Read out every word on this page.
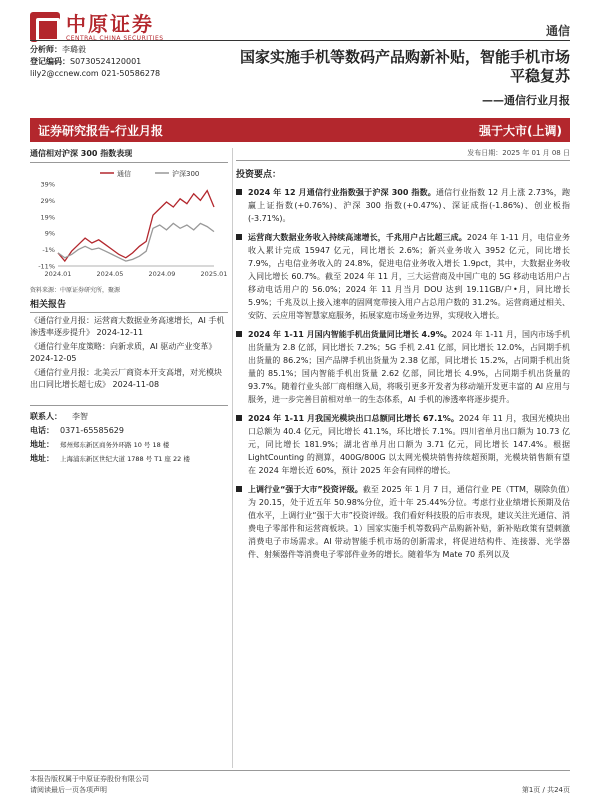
中原证券
CENTRAL CHINA SECURITIES	通信
分析师：李璐毅
登记编码：S0730524120001
lily2@ccnew.com 021-50586278
国家实施手机等数码产品购新补贴，智能手机市场平稳复苏
——通信行业月报
证券研究报告-行业月报	强于大市(上调)
通信相对沪深 300 指数表现
通信	沪深300
39%
29%
19%
9%
-1%
-11%
2024.01	2024.05	2024.09	2025.01
资料来源：中原证券研究所，聚源
相关报告
《通信行业月报：运营商大数据业务高速增长，AI 手机渗透率逐步提升》 2024-12-11
《通信行业年度策略：向新求质，AI 驱动产业变革》 2024-12-05
《通信行业月报：北美云厂商资本开支高增，对光模块出口同比增长超七成》 2024-11-08
联系人：	李智
电话： 0371-65585629
地址： 郑州郑东新区商务外环路 10 号 18 楼
地址： 上海浦东新区世纪大道 1788 号 T1 座 22 楼
发布日期：2025 年 01 月 08 日
投资要点：
2024 年 12 月通信行业指数强于沪深 300 指数。通信行业指数 12 月上涨 2.73%，跑赢上证指数(+0.76%)、沪深 300 指数(+0.47%)、深证成指(-1.86%)、创业板指(-3.71%)。
运营商大数据业务收入持续高速增长，千兆用户占比超三成。2024 年 1-11 月，电信业务收入累计完成 15947 亿元，同比增长 2.6%；新兴业务收入 3952 亿元，同比增长 7.9%，占电信业务收入的 24.8%，促进电信业务收入增长 1.9pct，其中，大数据业务收入同比增长 60.7%。截至 2024 年 11 月，三大运营商及中国广电的 5G 移动电话用户占移动电话用户的 56.0%；2024 年 11 月当月 DOU 达到 19.11GB/户•月，同比增长 5.9%；千兆及以上接入速率的固网宽带接入用户占总用户数的 31.2%。运营商通过相关、安防、云应用等智慧家庭服务，拓展家庭市场业务边界，实现收入增长。
2024 年 1-11 月国内智能手机出货量同比增长 4.9%。2024 年 1-11 月，国内市场手机出货量为 2.8 亿部，同比增长 7.2%；5G 手机 2.41 亿部，同比增长 12.0%，占同期手机出货量的 86.2%；国产品牌手机出货量为 2.38 亿部，同比增长 15.2%，占同期手机出货量的 85.1%；国内智能手机出货量 2.62 亿部，同比增长 4.9%，占同期手机出货量的 93.7%。随着行业头部厂商相继入局，将吸引更多开发者为移动端开发更丰富的 AI 应用与服务，进一步完善目前相对单一的生态体系，AI 手机的渗透率将逐步提升。
2024 年 1-11 月我国光模块出口总额同比增长 67.1%。2024 年 11 月，我国光模块出口总额为 40.4 亿元，同比增长 41.1%，环比增长 7.1%。四川省单月出口额为 10.73 亿元，同比增长 181.9%；湖北省单月出口额为 3.71 亿元，同比增长 147.4%。根据 LightCounting 的测算，400G/800G 以太网光模块销售持续超预期，光模块销售额有望在 2024 年增长近 60%，预计 2025 年会有同样的增长。
上调行业“强于大市”投资评级。截至 2025 年 1 月 7 日，通信行业 PE（TTM，剔除负值）为 20.15，处于近五年 50.98%分位，近十年 25.44%分位。考虑行业业绩增长预期及估值水平，上调行业“强于大市”投资评级。我们看好科技股的后市表现，建议关注光通信、消费电子零部件和运营商板块。1）国家实施手机等数码产品购新补贴，新补贴政策有望刺激消费电子市场需求。AI 带动智能手机市场的创新需求，将促进结构件、连接器、光学器件、射频器件等消费电子零部件业务的增长。随着华为 Mate 70 系列以及
本报告版权属于中原证券股份有限公司
请阅读最后一页各项声明	第1页 / 共24页
